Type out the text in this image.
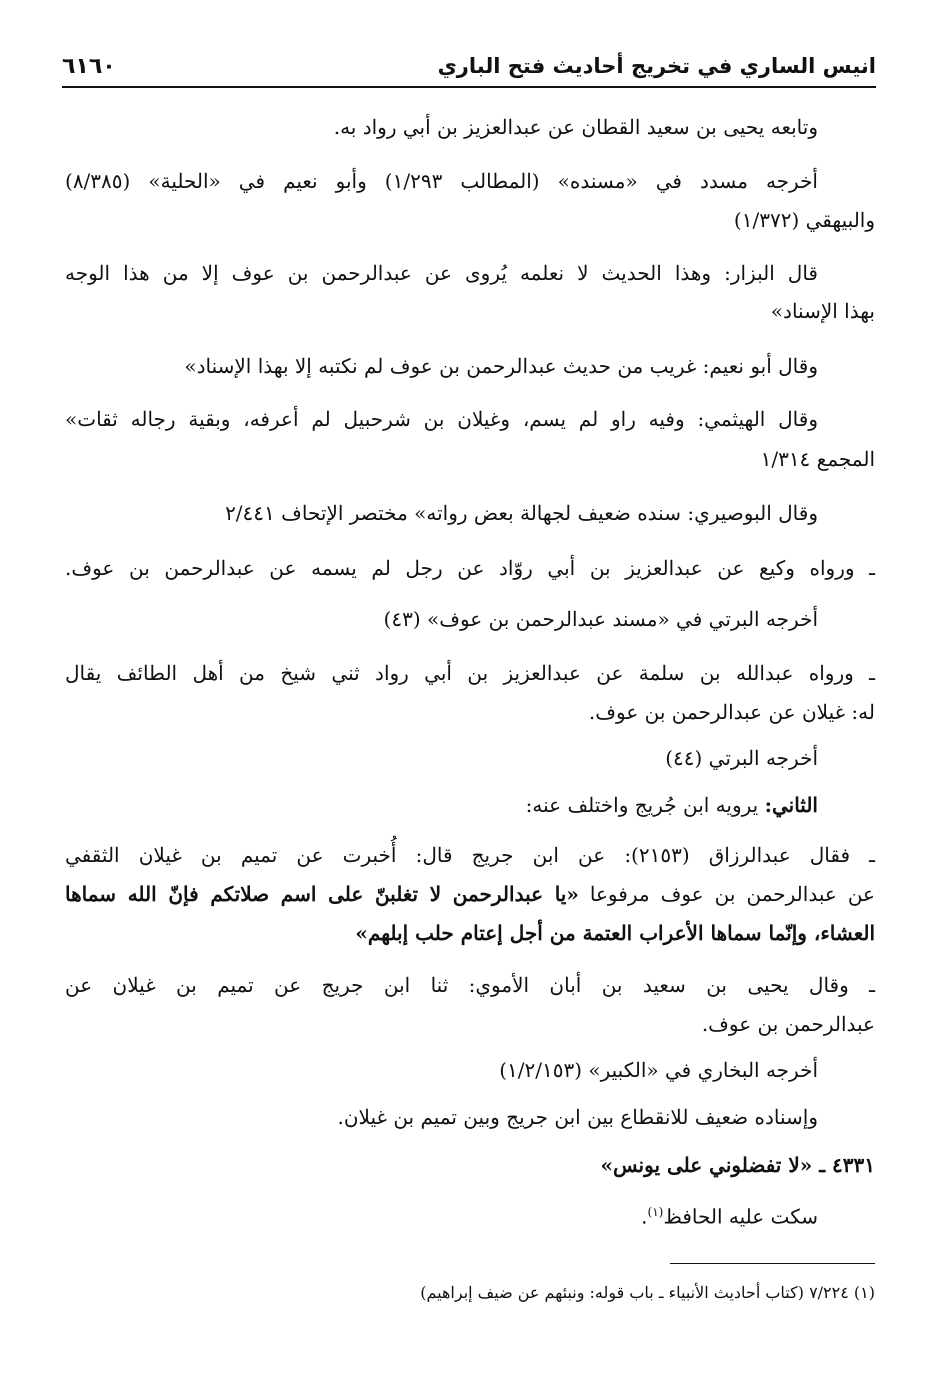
٦١٦٠	انيس الساري في تخريج أحاديث فتح الباري
وتابعه يحيى بن سعيد القطان عن عبدالعزيز بن أبي رواد به.
أخرجه مسدد في «مسنده» (المطالب ١/٢٩٣) وأبو نعيم في «الحلية» (٨/٣٨٥)
والبيهقي (١/٣٧٢)
قال البزار: وهذا الحديث لا نعلمه يُروى عن عبدالرحمن بن عوف إلا من هذا الوجه
بهذا الإسناد»
وقال أبو نعيم: غريب من حديث عبدالرحمن بن عوف لم نكتبه إلا بهذا الإسناد»
وقال الهيثمي: وفيه راو لم يسم، وغيلان بن شرحبيل لم أعرفه، وبقية رجاله ثقات»
المجمع ١/٣١٤
وقال البوصيري: سنده ضعيف لجهالة بعض رواته» مختصر الإتحاف ٢/٤٤١
ـ ورواه وكيع عن عبدالعزيز بن أبي روّاد عن رجل لم يسمه عن عبدالرحمن بن عوف.
أخرجه البرتي في «مسند عبدالرحمن بن عوف» (٤٣)
ـ ورواه عبدالله بن سلمة عن عبدالعزيز بن أبي رواد ثني شيخ من أهل الطائف يقال
له: غيلان عن عبدالرحمن بن عوف.
أخرجه البرتي (٤٤)
الثاني: يرويه ابن جُريج واختلف عنه:
ـ فقال عبدالرزاق (٢١٥٣): عن ابن جريج قال: أُخبرت عن تميم بن غيلان الثقفي
عن عبدالرحمن بن عوف مرفوعا «يا عبدالرحمن لا تغلبنّ على اسم صلاتكم فإنّ الله سماها
العشاء، وإنّما سماها الأعراب العتمة من أجل إعتام حلب إبلهم»
ـ وقال يحيى بن سعيد بن أبان الأموي: ثنا ابن جريج عن تميم بن غيلان عن
عبدالرحمن بن عوف.
أخرجه البخاري في «الكبير» (١/٢/١٥٣)
وإسناده ضعيف للانقطاع بين ابن جريج وبين تميم بن غيلان.
٤٣٣١ ـ «لا تفضلوني على يونس»
سكت عليه الحافظ$^{(١)}$.
(١) ٧/٢٢٤ (كتاب أحاديث الأنبياء ـ باب قوله: ونبئهم عن ضيف إبراهيم)
